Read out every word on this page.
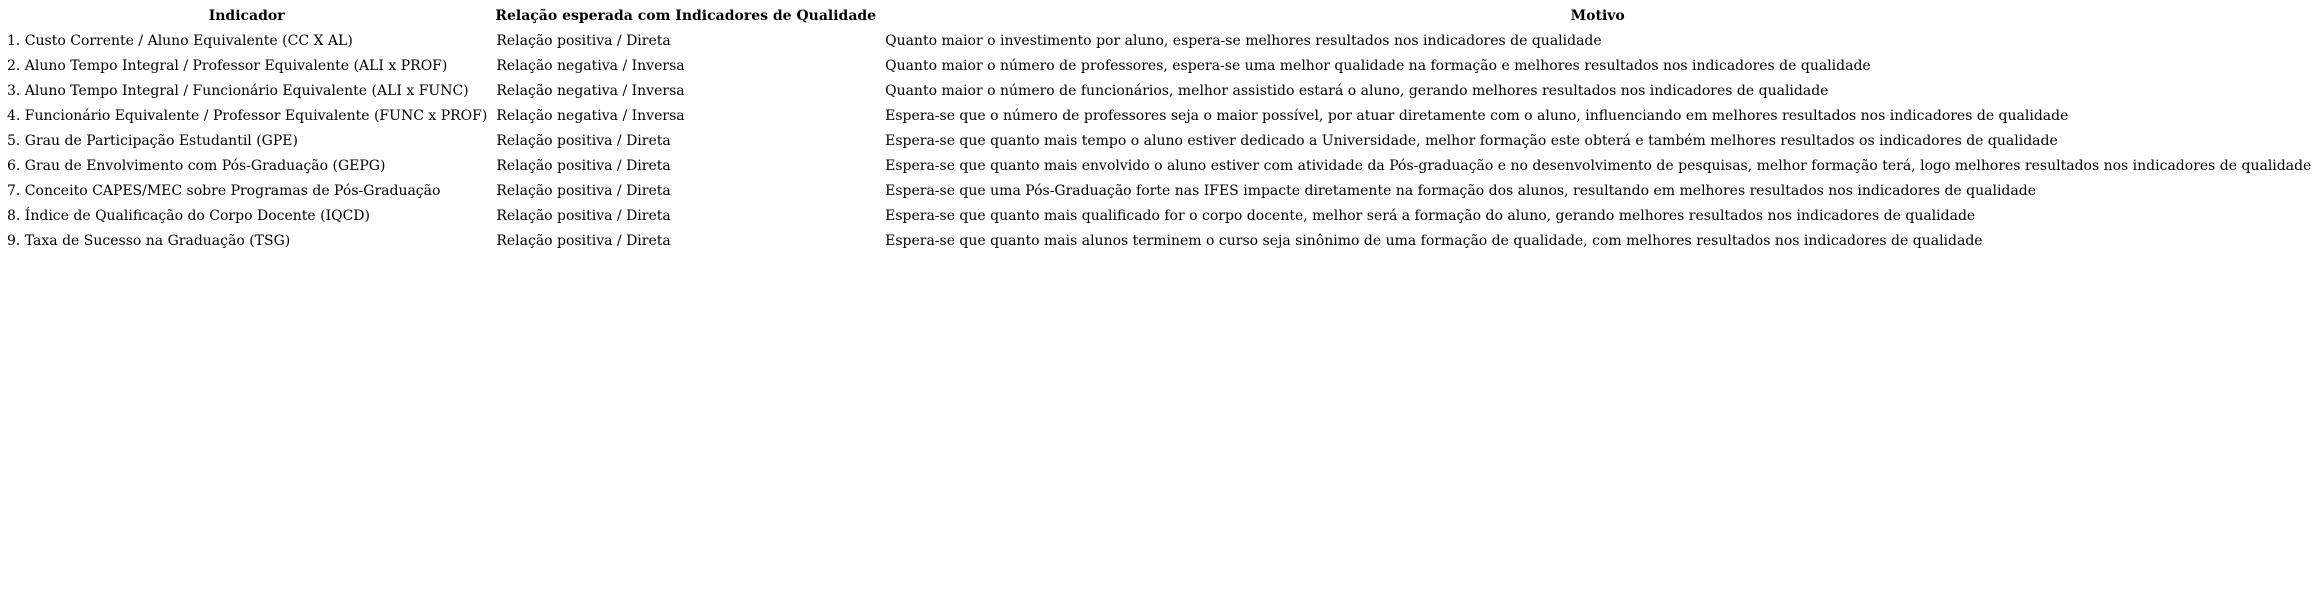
Indicador	Relação esperada com Indicadores de Qualidade	Motivo
1. Custo Corrente / Aluno Equivalente (CC X AL)	Relação positiva / Direta	Quanto maior o investimento por aluno, espera-se melhores resultados nos indicadores de qualidade
2. Aluno Tempo Integral / Professor Equivalente (ALI x PROF)	Relação negativa / Inversa	Quanto maior o número de professores, espera-se uma melhor qualidade na formação e melhores resultados nos indicadores de qualidade
3. Aluno Tempo Integral / Funcionário Equivalente (ALI x FUNC)	Relação negativa / Inversa	Quanto maior o número de funcionários, melhor assistido estará o aluno, gerando melhores resultados nos indicadores de qualidade
4. Funcionário Equivalente / Professor Equivalente (FUNC x PROF)	Relação negativa / Inversa	Espera-se que o número de professores seja o maior possível, por atuar diretamente com o aluno, influenciando em melhores resultados nos indicadores de qualidade
5. Grau de Participação Estudantil (GPE)	Relação positiva / Direta	Espera-se que quanto mais tempo o aluno estiver dedicado a Universidade, melhor formação este obterá e também melhores resultados os indicadores de qualidade
6. Grau de Envolvimento com Pós-Graduação (GEPG)	Relação positiva / Direta	Espera-se que quanto mais envolvido o aluno estiver com atividade da Pós-graduação e no desenvolvimento de pesquisas, melhor formação terá, logo melhores resultados nos indicadores de qualidade
7. Conceito CAPES/MEC sobre Programas de Pós-Graduação	Relação positiva / Direta	Espera-se que uma Pós-Graduação forte nas IFES impacte diretamente na formação dos alunos, resultando em melhores resultados nos indicadores de qualidade
8. Índice de Qualificação do Corpo Docente (IQCD)	Relação positiva / Direta	Espera-se que quanto mais qualificado for o corpo docente, melhor será a formação do aluno, gerando melhores resultados nos indicadores de qualidade
9. Taxa de Sucesso na Graduação (TSG)	Relação positiva / Direta	Espera-se que quanto mais alunos terminem o curso seja sinônimo de uma formação de qualidade, com melhores resultados nos indicadores de qualidade
